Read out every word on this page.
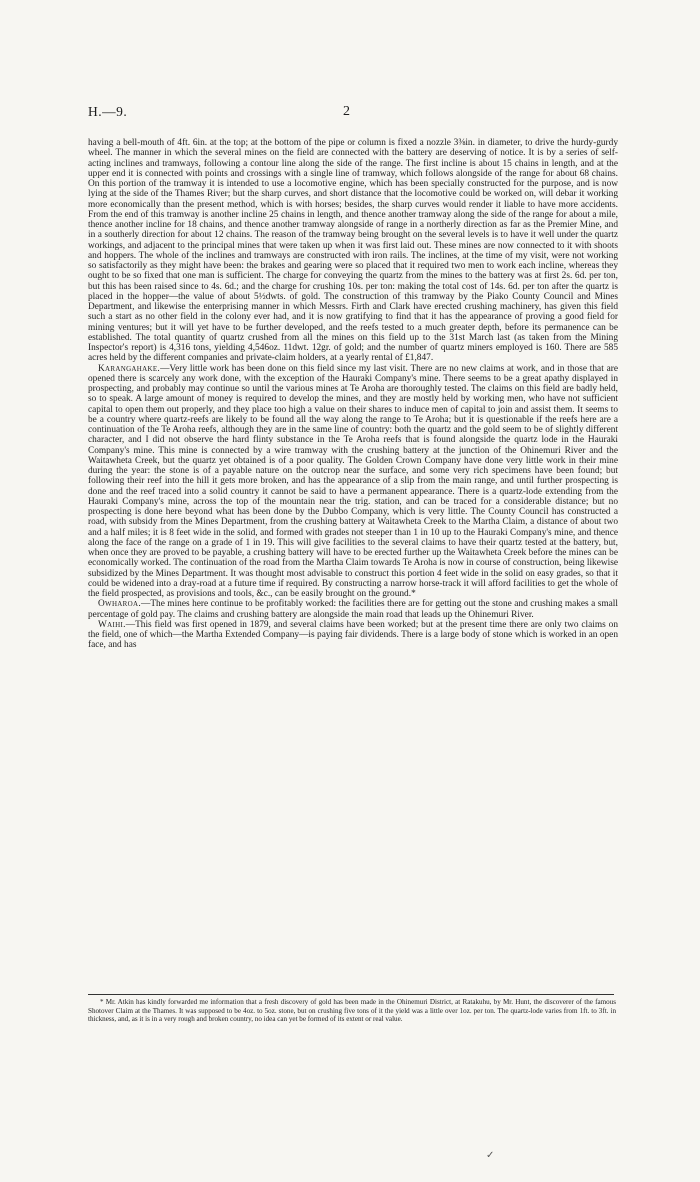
H.—9.	2

having a bell-mouth of 4ft. 6in. at the top; at the bottom of the pipe or column is fixed a nozzle 3⅜in. in diameter, to drive the hurdy-gurdy wheel. The manner in which the several mines on the field are connected with the battery are deserving of notice. It is by a series of self-acting inclines and tramways, following a contour line along the side of the range. The first incline is about 15 chains in length, and at the upper end it is connected with points and crossings with a single line of tramway, which follows alongside of the range for about 68 chains. On this portion of the tramway it is intended to use a locomotive engine, which has been specially constructed for the purpose, and is now lying at the side of the Thames River; but the sharp curves, and short distance that the locomotive could be worked on, will debar it working more economically than the present method, which is with horses; besides, the sharp curves would render it liable to have more accidents. From the end of this tramway is another incline 25 chains in length, and thence another tramway along the side of the range for about a mile, thence another incline for 18 chains, and thence another tramway alongside of range in a northerly direction as far as the Premier Mine, and in a southerly direction for about 12 chains. The reason of the tramway being brought on the several levels is to have it well under the quartz workings, and adjacent to the principal mines that were taken up when it was first laid out. These mines are now connected to it with shoots and hoppers. The whole of the inclines and tramways are constructed with iron rails. The inclines, at the time of my visit, were not working so satisfactorily as they might have been: the brakes and gearing were so placed that it required two men to work each incline, whereas they ought to be so fixed that one man is sufficient. The charge for conveying the quartz from the mines to the battery was at first 2s. 6d. per ton, but this has been raised since to 4s. 6d.; and the charge for crushing 10s. per ton: making the total cost of 14s. 6d. per ton after the quartz is placed in the hopper—the value of about 5½dwts. of gold. The construction of this tramway by the Piako County Council and Mines Department, and likewise the enterprising manner in which Messrs. Firth and Clark have erected crushing machinery, has given this field such a start as no other field in the colony ever had, and it is now gratifying to find that it has the appearance of proving a good field for mining ventures; but it will yet have to be further developed, and the reefs tested to a much greater depth, before its permanence can be established. The total quantity of quartz crushed from all the mines on this field up to the 31st March last (as taken from the Mining Inspector's report) is 4,316 tons, yielding 4,546oz. 11dwt. 12gr. of gold; and the number of quartz miners employed is 160. There are 585 acres held by the different companies and private-claim holders, at a yearly rental of £1,847.

Karangahake.—Very little work has been done on this field since my last visit. There are no new claims at work, and in those that are opened there is scarcely any work done, with the exception of the Hauraki Company's mine. There seems to be a great apathy displayed in prospecting, and probably may continue so until the various mines at Te Aroha are thoroughly tested. The claims on this field are badly held, so to speak. A large amount of money is required to develop the mines, and they are mostly held by working men, who have not sufficient capital to open them out properly, and they place too high a value on their shares to induce men of capital to join and assist them. It seems to be a country where quartz-reefs are likely to be found all the way along the range to Te Aroha; but it is questionable if the reefs here are a continuation of the Te Aroha reefs, although they are in the same line of country: both the quartz and the gold seem to be of slightly different character, and I did not observe the hard flinty substance in the Te Aroha reefs that is found alongside the quartz lode in the Hauraki Company's mine. This mine is connected by a wire tramway with the crushing battery at the junction of the Ohinemuri River and the Waitawheta Creek, but the quartz yet obtained is of a poor quality. The Golden Crown Company have done very little work in their mine during the year: the stone is of a payable nature on the outcrop near the surface, and some very rich specimens have been found; but following their reef into the hill it gets more broken, and has the appearance of a slip from the main range, and until further prospecting is done and the reef traced into a solid country it cannot be said to have a permanent appearance. There is a quartz-lode extending from the Hauraki Company's mine, across the top of the mountain near the trig. station, and can be traced for a considerable distance; but no prospecting is done here beyond what has been done by the Dubbo Company, which is very little. The County Council has constructed a road, with subsidy from the Mines Department, from the crushing battery at Waitawheta Creek to the Martha Claim, a distance of about two and a half miles; it is 8 feet wide in the solid, and formed with grades not steeper than 1 in 10 up to the Hauraki Company's mine, and thence along the face of the range on a grade of 1 in 19. This will give facilities to the several claims to have their quartz tested at the battery, but, when once they are proved to be payable, a crushing battery will have to be erected further up the Waitawheta Creek before the mines can be economically worked. The continuation of the road from the Martha Claim towards Te Aroha is now in course of construction, being likewise subsidized by the Mines Department. It was thought most advisable to construct this portion 4 feet wide in the solid on easy grades, so that it could be widened into a dray-road at a future time if required. By constructing a narrow horse-track it will afford facilities to get the whole of the field prospected, as provisions and tools, &c., can be easily brought on the ground.*

Owharoa.—The mines here continue to be profitably worked: the facilities there are for getting out the stone and crushing makes a small percentage of gold pay. The claims and crushing battery are alongside the main road that leads up the Ohinemuri River.

Waihi.—This field was first opened in 1879, and several claims have been worked; but at the present time there are only two claims on the field, one of which—the Martha Extended Company—is paying fair dividends. There is a large body of stone which is worked in an open face, and has

* Mr. Atkin has kindly forwarded me information that a fresh discovery of gold has been made in the Ohinemuri District, at Ratakuhu, by Mr. Hunt, the discoverer of the famous Shotover Claim at the Thames. It was supposed to be 4oz. to 5oz. stone, but on crushing five tons of it the yield was a little over 1oz. per ton. The quartz-lode varies from 1ft. to 3ft. in thickness, and, as it is in a very rough and broken country, no idea can yet be formed of its extent or real value.

✓
